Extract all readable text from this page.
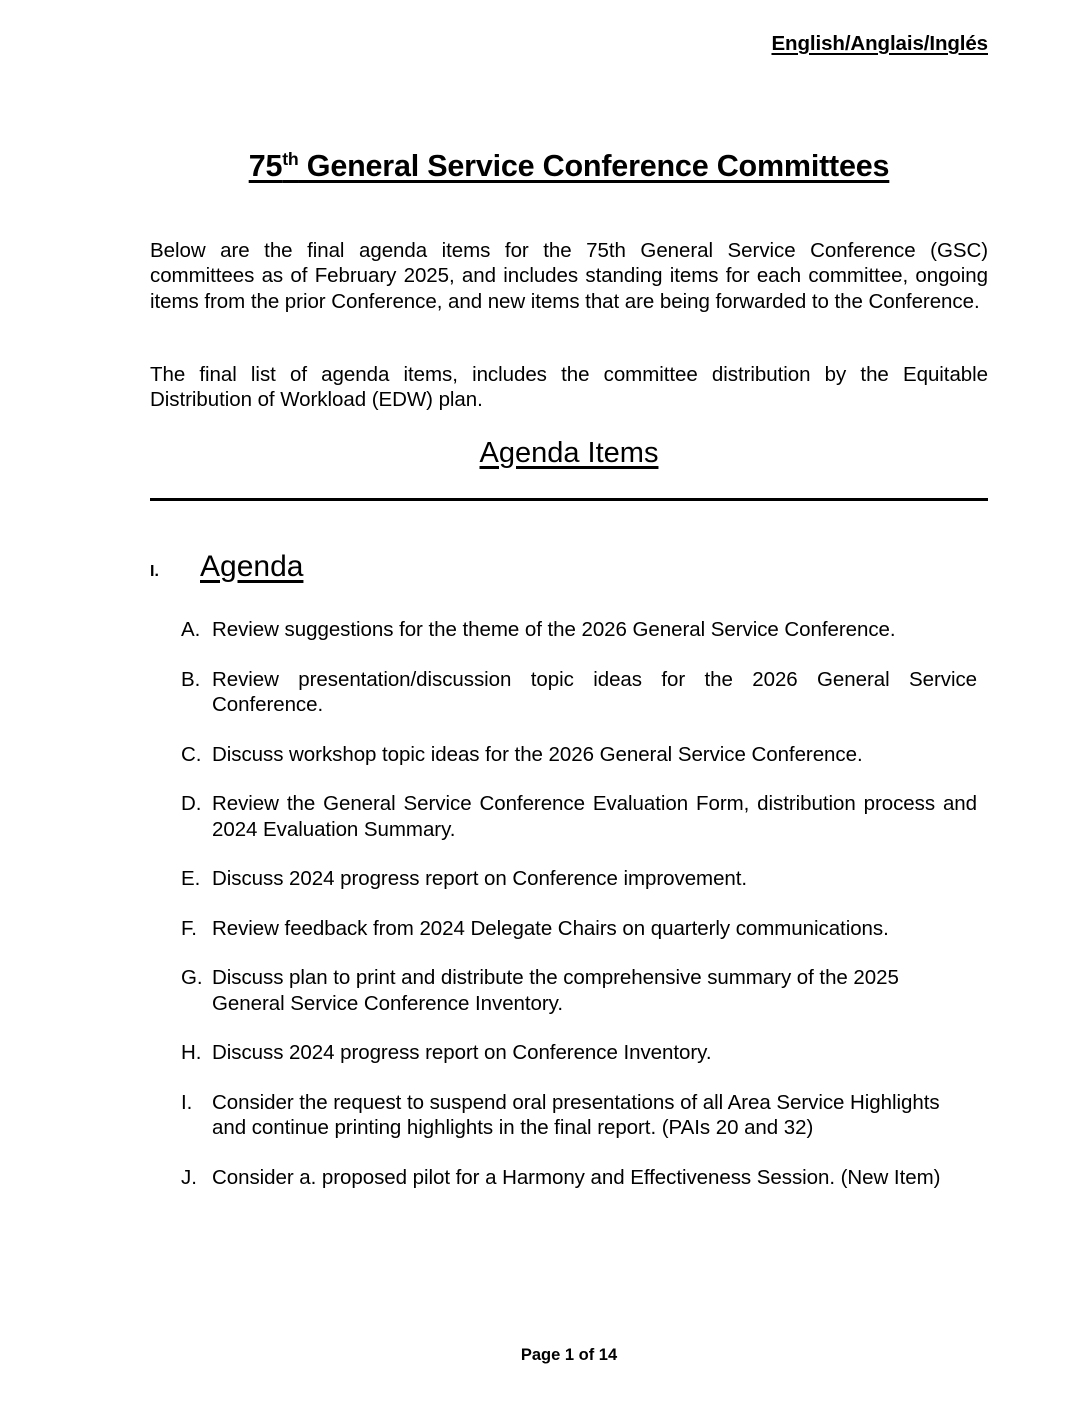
English/Anglais/Inglés
75th General Service Conference Committees

Below are the final agenda items for the 75th General Service Conference (GSC) committees as of February 2025, and includes standing items for each committee, ongoing items from the prior Conference, and new items that are being forwarded to the Conference.

The final list of agenda items, includes the committee distribution by the Equitable Distribution of Workload (EDW) plan.

Agenda Items
I.	Agenda
A. Review suggestions for the theme of the 2026 General Service Conference.
B. Review presentation/discussion topic ideas for the 2026 General Service Conference.
C. Discuss workshop topic ideas for the 2026 General Service Conference.
D. Review the General Service Conference Evaluation Form, distribution process and 2024 Evaluation Summary.
E. Discuss 2024 progress report on Conference improvement.
F. Review feedback from 2024 Delegate Chairs on quarterly communications.
G. Discuss plan to print and distribute the comprehensive summary of the 2025 General Service Conference Inventory.
H. Discuss 2024 progress report on Conference Inventory.
I. Consider the request to suspend oral presentations of all Area Service Highlights and continue printing highlights in the final report. (PAIs 20 and 32)
J. Consider a. proposed pilot for a Harmony and Effectiveness Session. (New Item)
Page 1 of 14
